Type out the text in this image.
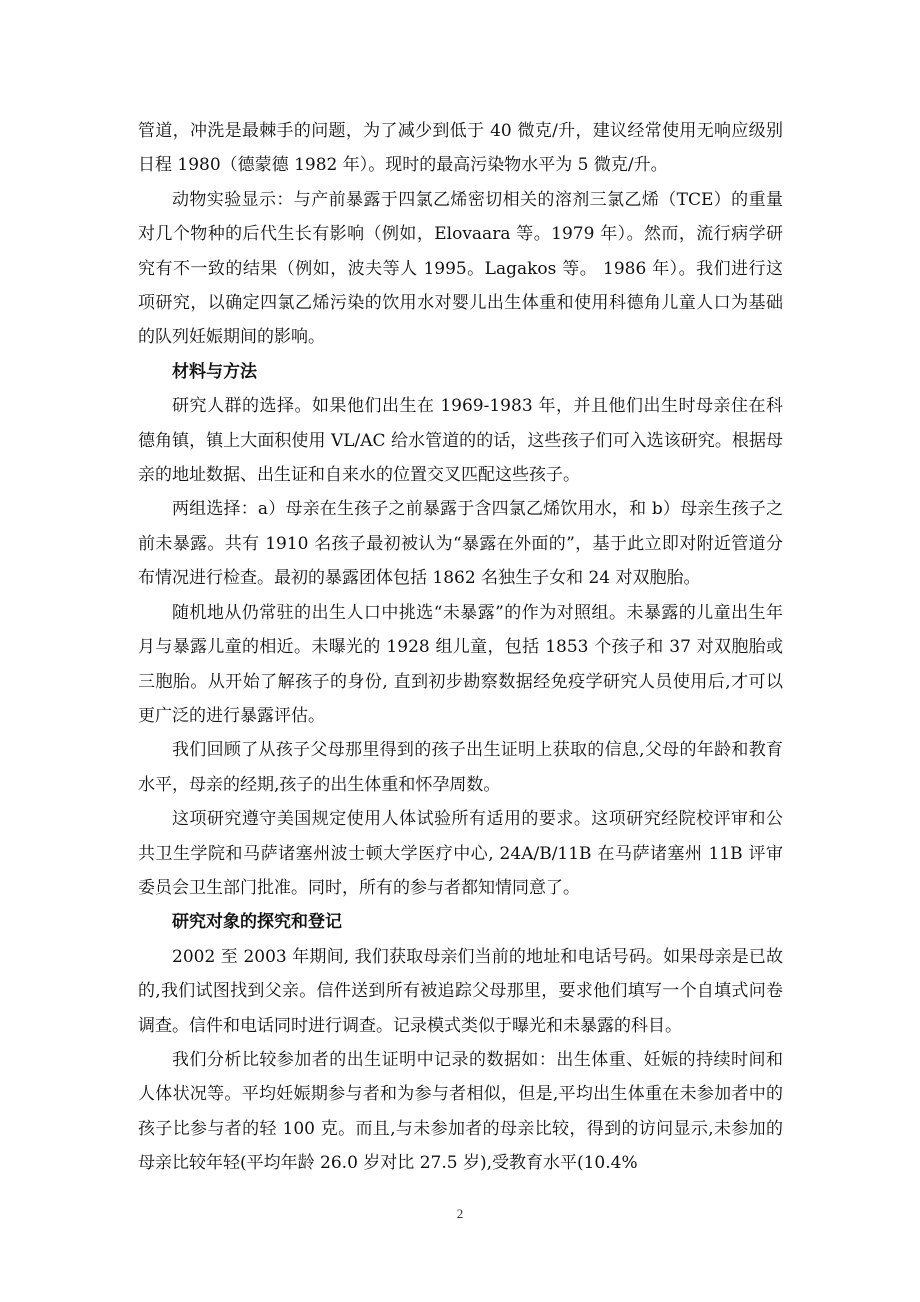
管道，冲洗是最棘手的问题，为了减少到低于 40 微克/升，建议经常使用无响应级别日程 1980（德蒙德 1982 年）。现时的最高污染物水平为 5 微克/升。

动物实验显示：与产前暴露于四氯乙烯密切相关的溶剂三氯乙烯（TCE）的重量对几个物种的后代生长有影响（例如，Elovaara 等。1979 年）。然而，流行病学研究有不一致的结果（例如，波夫等人 1995。Lagakos 等。 1986 年）。我们进行这项研究，以确定四氯乙烯污染的饮用水对婴儿出生体重和使用科德角儿童人口为基础的队列妊娠期间的影响。

材料与方法

研究人群的选择。如果他们出生在 1969-1983 年，并且他们出生时母亲住在科德角镇，镇上大面积使用 VL/AC 给水管道的的话，这些孩子们可入选该研究。根据母亲的地址数据、出生证和自来水的位置交叉匹配这些孩子。

两组选择：a）母亲在生孩子之前暴露于含四氯乙烯饮用水，和 b）母亲生孩子之前未暴露。共有 1910 名孩子最初被认为“暴露在外面的”，基于此立即对附近管道分布情况进行检查。最初的暴露团体包括 1862 名独生子女和 24 对双胞胎。

随机地从仍常驻的出生人口中挑选“未暴露”的作为对照组。未暴露的儿童出生年月与暴露儿童的相近。未曝光的 1928 组儿童，包括 1853 个孩子和 37 对双胞胎或三胞胎。从开始了解孩子的身份, 直到初步勘察数据经免疫学研究人员使用后,才可以更广泛的进行暴露评估。

我们回顾了从孩子父母那里得到的孩子出生证明上获取的信息,父母的年龄和教育水平，母亲的经期,孩子的出生体重和怀孕周数。

这项研究遵守美国规定使用人体试验所有适用的要求。这项研究经院校评审和公共卫生学院和马萨诸塞州波士顿大学医疗中心, 24A/B/11B 在马萨诸塞州 11B 评审委员会卫生部门批准。同时，所有的参与者都知情同意了。

研究对象的探究和登记

2002 至 2003 年期间, 我们获取母亲们当前的地址和电话号码。如果母亲是已故的,我们试图找到父亲。信件送到所有被追踪父母那里，要求他们填写一个自填式问卷调查。信件和电话同时进行调查。记录模式类似于曝光和未暴露的科目。

我们分析比较参加者的出生证明中记录的数据如：出生体重、妊娠的持续时间和人体状况等。平均妊娠期参与者和为参与者相似，但是,平均出生体重在未参加者中的孩子比参与者的轻 100 克。而且,与未参加者的母亲比较，得到的访问显示,未参加的母亲比较年轻(平均年龄 26.0 岁对比 27.5 岁),受教育水平(10.4%

2
